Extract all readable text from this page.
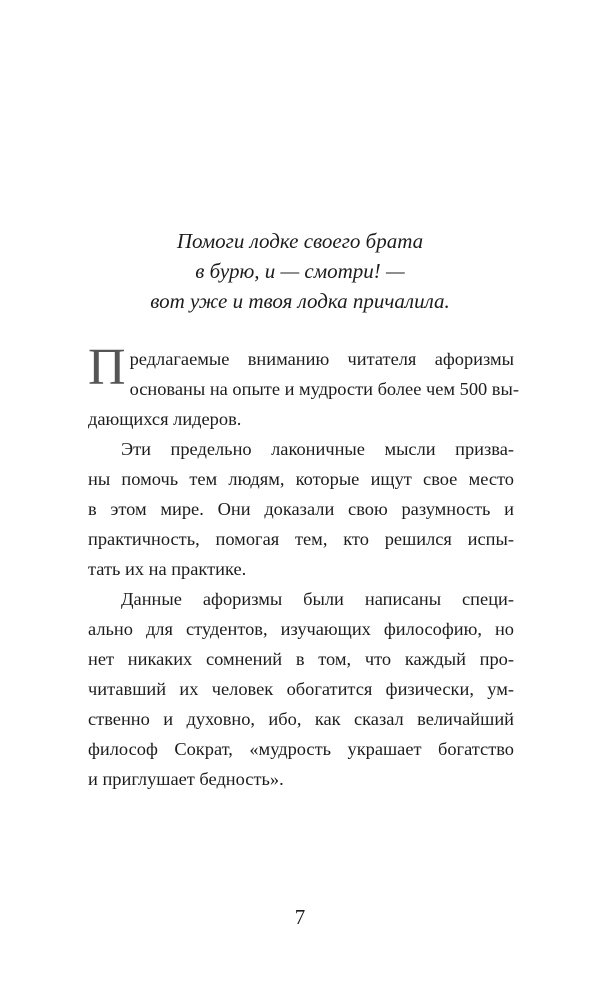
Помоги лодке своего брата
в бурю, и — смотри! —
вот уже и твоя лодка причалила.

П редлагаемые вниманию читателя афоризмы
основаны на опыте и мудрости более чем 500 вы-
дающихся лидеров.

Эти предельно лаконичные мысли призва-
ны помочь тем людям, которые ищут свое место
в этом мире. Они доказали свою разумность и
практичность, помогая тем, кто решился испы-
тать их на практике.

Данные афоризмы были написаны специ-
ально для студентов, изучающих философию, но
нет никаких сомнений в том, что каждый про-
читавший их человек обогатится физически, ум-
ственно и духовно, ибо, как сказал величайший
философ Сократ, «мудрость украшает богатство
и приглушает бедность».

7
